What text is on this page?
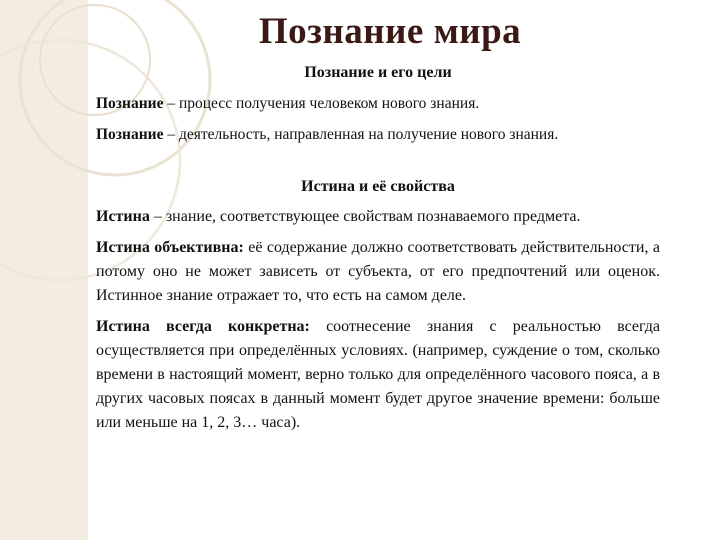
Познание мира
Познание и его цели
Познание – процесс получения человеком нового знания.
Познание – деятельность, направленная на получение нового знания.
Истина и её свойства
Истина – знание, соответствующее свойствам познаваемого предмета.
Истина объективна: её содержание должно соответствовать действительности, а потому оно не может зависеть от субъекта, от его предпочтений или оценок. Истинное знание отражает то, что есть на самом деле.
Истина всегда конкретна: соотнесение знания с реальностью всегда осуществляется при определённых условиях. (например, суждение о том, сколько времени в настоящий момент, верно только для определённого часового пояса, а в других часовых поясах в данный момент будет другое значение времени: больше или меньше на 1, 2, 3… часа).
